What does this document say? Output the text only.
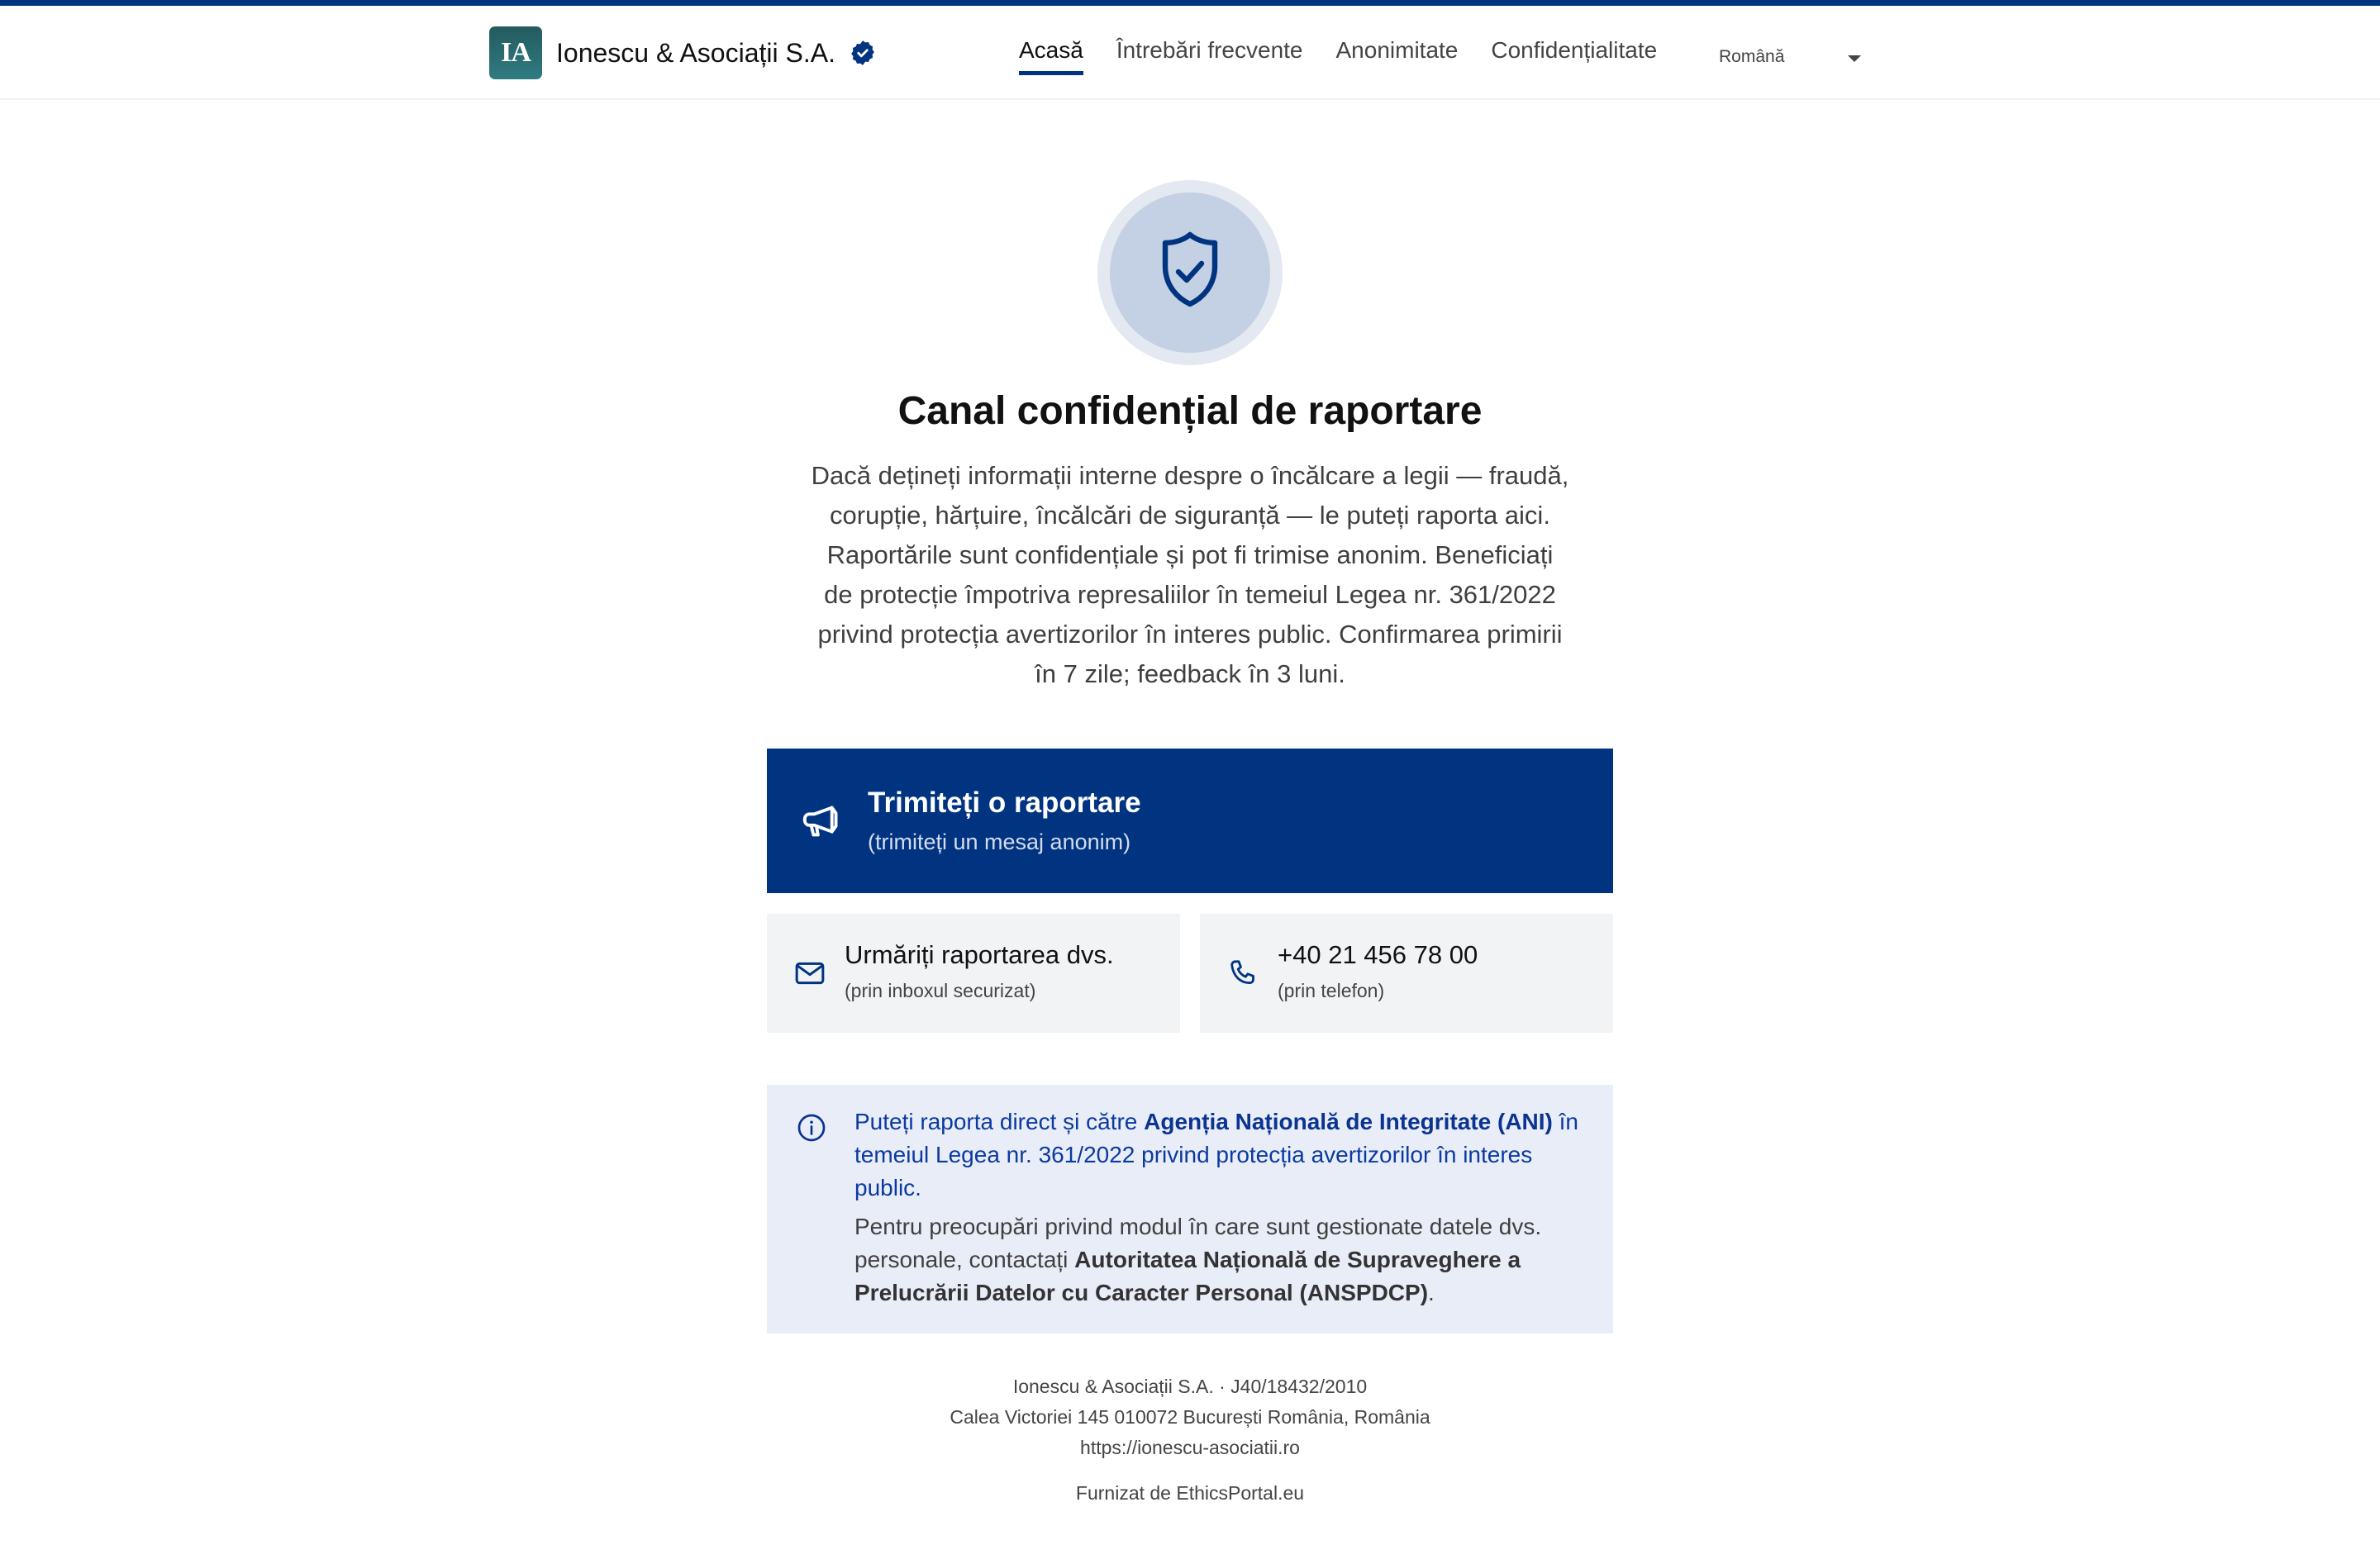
IA Ionescu & Asociații S.A.	Acasă Întrebări frecvente Anonimitate Confidențialitate	Română
Canal confidențial de raportare

Dacă dețineți informații interne despre o încălcare a legii — fraudă, corupție, hărțuire, încălcări de siguranță — le puteți raporta aici. Raportările sunt confidențiale și pot fi trimise anonim. Beneficiați de protecție împotriva represaliilor în temeiul Legea nr. 361/2022 privind protecția avertizorilor în interes public. Confirmarea primirii în 7 zile; feedback în 3 luni.

Trimiteți o raportare
(trimiteți un mesaj anonim)
Urmăriți raportarea dvs.
(prin inboxul securizat)
+40 21 456 78 00
(prin telefon)

Puteți raporta direct și către Agenția Națională de Integritate (ANI) în temeiul Legea nr. 361/2022 privind protecția avertizorilor în interes public.

Pentru preocupări privind modul în care sunt gestionate datele dvs. personale, contactați Autoritatea Națională de Supraveghere a Prelucrării Datelor cu Caracter Personal (ANSPDCP).

Ionescu & Asociații S.A. · J40/18432/2010
Calea Victoriei 145 010072 București România, România
https://ionescu-asociatii.ro
Furnizat de EthicsPortal.eu
